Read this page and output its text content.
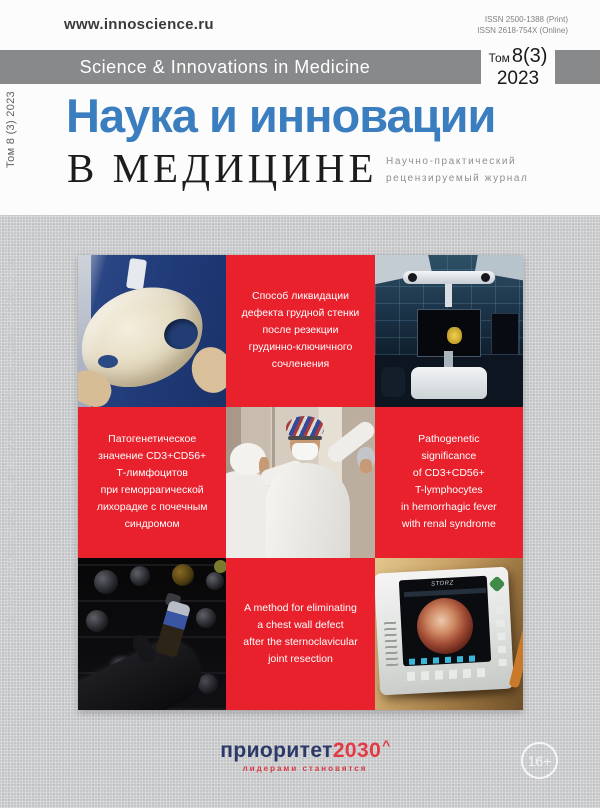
www.innoscience.ru	ISSN 2500-1388 (Print)
ISSN 2618-754X (Online)
Science & Innovations in Medicine	Том 8(3)
2023
Наука и инновации
В МЕДИЦИНЕ Научно-практический
рецензируемый журнал
Том 8 (3) 2023
Наука и инновации в медицине /Science & Innovations in Medicine	Способ ликвидации
дефекта грудной стенки
после резекции
грудинно-ключичного
сочленения
Патогенетическое
значение CD3+CD56+
Т-лимфоцитов
при геморрагической
лихорадке с почечным
синдромом
Pathogenetic
significance
of CD3+CD56+
T-lymphocytes
in hemorrhagic fever
with renal syndrome
A method for eliminating
a chest wall defect
after the sternoclavicular
joint resection
STORZ
приоритет2030^
лидерами становятся	16+
